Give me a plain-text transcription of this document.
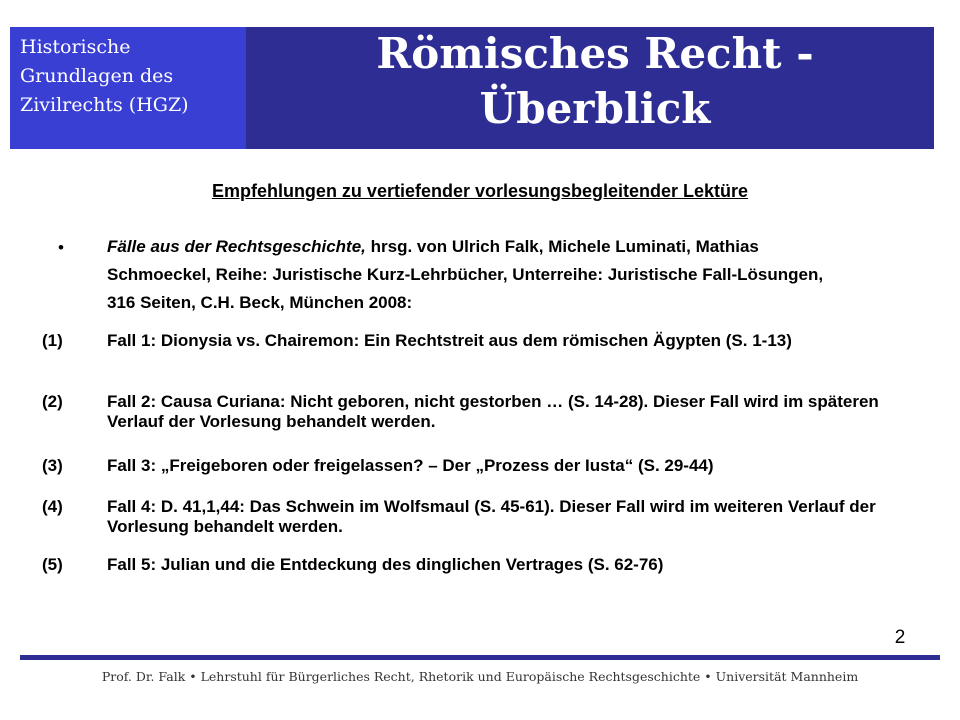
Historische Grundlagen des Zivilrechts (HGZ)

Römisches Recht -
Überblick
Empfehlungen zu vertiefender vorlesungsbegleitender Lektüre
•	Fälle aus der Rechtsgeschichte, hrsg. von Ulrich Falk, Michele Luminati, Mathias Schmoeckel, Reihe: Juristische Kurz-Lehrbücher, Unterreihe: Juristische Fall-Lösungen, 316 Seiten, C.H. Beck, München 2008:

(1)	Fall 1: Dionysia vs. Chairemon: Ein Rechtstreit aus dem römischen Ägypten (S. 1-13)
(2)	Fall 2: Causa Curiana: Nicht geboren, nicht gestorben … (S. 14-28). Dieser Fall wird im späteren Verlauf der Vorlesung behandelt werden.
(3)	Fall 3: „Freigeboren oder freigelassen? – Der „Prozess der Iusta“ (S. 29-44)
(4)	Fall 4: D. 41,1,44: Das Schwein im Wolfsmaul (S. 45-61). Dieser Fall wird im weiteren Verlauf der Vorlesung behandelt werden.
(5)	Fall 5: Julian und die Entdeckung des dinglichen Vertrages (S. 62-76)
2
Prof. Dr. Falk • Lehrstuhl für Bürgerliches Recht, Rhetorik und Europäische Rechtsgeschichte • Universität Mannheim
